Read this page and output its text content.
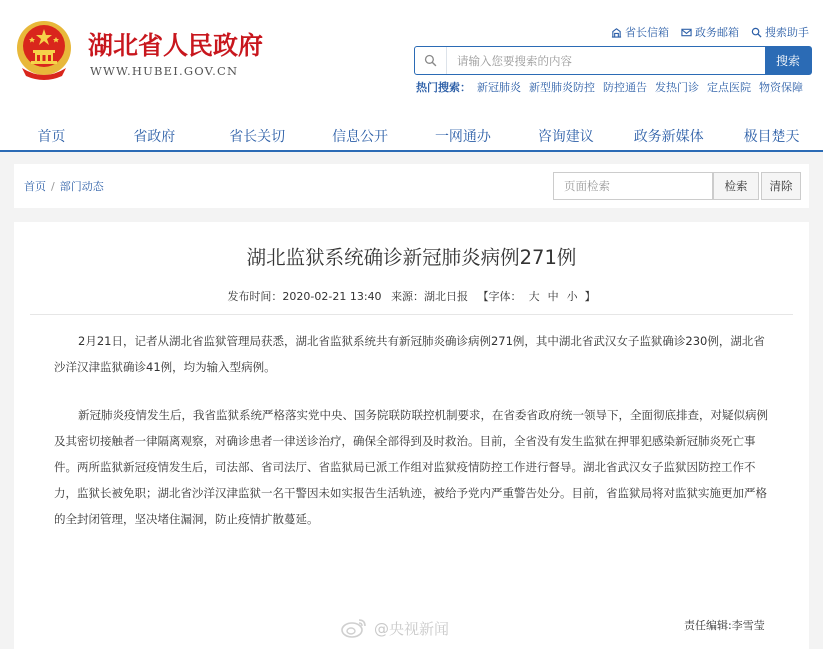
湖北省人民政府
WWW.HUBEI.GOV.CN
省长信箱 政务邮箱 搜索助手
请输入您要搜索的内容
搜索
热门搜索： 新冠肺炎 新型肺炎防控 防控通告 发热门诊 定点医院 物资保障
首页	省政府	省长关切	信息公开	一网通办	咨询建议	政务新媒体	极目楚天
首页 / 部门动态
页面检索	检索	清除
湖北监狱系统确诊新冠肺炎病例271例
发布时间：2020-02-21 13:40 来源：湖北日报 【字体： 大 中 小 】

2月21日，记者从湖北省监狱管理局获悉，湖北省监狱系统共有新冠肺炎确诊病例271例，其中湖北省武汉女子监狱确诊230例，湖北省沙洋汉津监狱确诊41例，均为输入型病例。

新冠肺炎疫情发生后，我省监狱系统严格落实党中央、国务院联防联控机制要求，在省委省政府统一领导下，全面彻底排查，对疑似病例及其密切接触者一律隔离观察，对确诊患者一律送诊治疗，确保全部得到及时救治。目前，全省没有发生监狱在押罪犯感染新冠肺炎死亡事件。两所监狱新冠疫情发生后，司法部、省司法厅、省监狱局已派工作组对监狱疫情防控工作进行督导。湖北省武汉女子监狱因防控工作不力，监狱长被免职；湖北省沙洋汉津监狱一名干警因未如实报告生活轨迹，被给予党内严重警告处分。目前，省监狱局将对监狱实施更加严格的全封闭管理，坚决堵住漏洞，防止疫情扩散蔓延。

责任编辑:李雪莹
@央视新闻
